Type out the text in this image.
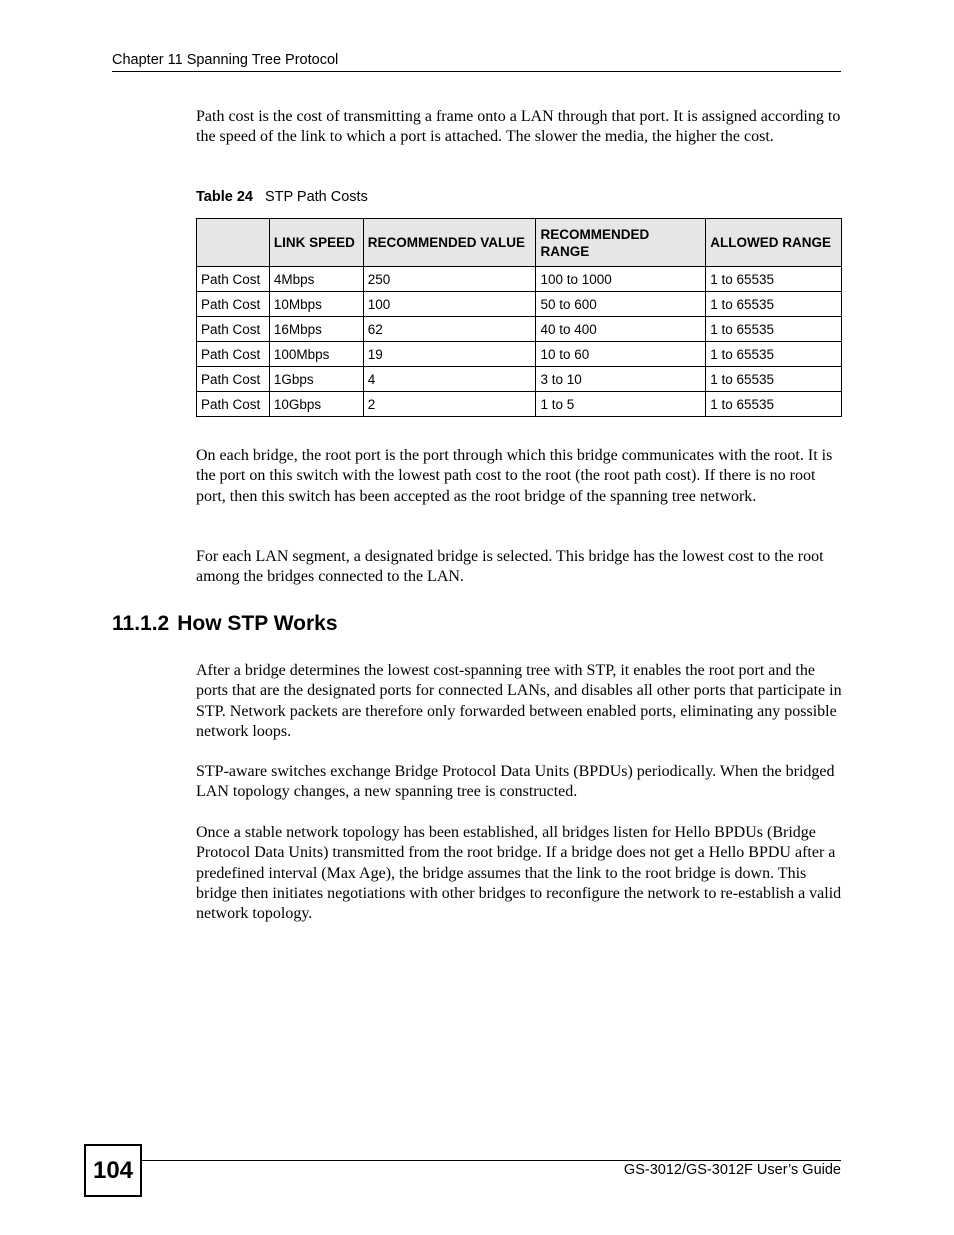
Chapter 11 Spanning Tree Protocol

Path cost is the cost of transmitting a frame onto a LAN through that port. It is assigned according to the speed of the link to which a port is attached. The slower the media, the higher the cost.

Table 24 STP Path Costs
	LINK SPEED	RECOMMENDED VALUE	RECOMMENDED RANGE	ALLOWED RANGE
Path Cost	4Mbps	250	100 to 1000	1 to 65535
Path Cost	10Mbps	100	50 to 600	1 to 65535
Path Cost	16Mbps	62	40 to 400	1 to 65535
Path Cost	100Mbps	19	10 to 60	1 to 65535
Path Cost	1Gbps	4	3 to 10	1 to 65535
Path Cost	10Gbps	2	1 to 5	1 to 65535

On each bridge, the root port is the port through which this bridge communicates with the root. It is the port on this switch with the lowest path cost to the root (the root path cost). If there is no root port, then this switch has been accepted as the root bridge of the spanning tree network.

For each LAN segment, a designated bridge is selected. This bridge has the lowest cost to the root among the bridges connected to the LAN.

11.1.2 How STP Works

After a bridge determines the lowest cost-spanning tree with STP, it enables the root port and the ports that are the designated ports for connected LANs, and disables all other ports that participate in STP. Network packets are therefore only forwarded between enabled ports, eliminating any possible network loops.

STP-aware switches exchange Bridge Protocol Data Units (BPDUs) periodically. When the bridged LAN topology changes, a new spanning tree is constructed.

Once a stable network topology has been established, all bridges listen for Hello BPDUs (Bridge Protocol Data Units) transmitted from the root bridge. If a bridge does not get a Hello BPDU after a predefined interval (Max Age), the bridge assumes that the link to the root bridge is down. This bridge then initiates negotiations with other bridges to reconfigure the network to re-establish a valid network topology.

104	GS-3012/GS-3012F User’s Guide
